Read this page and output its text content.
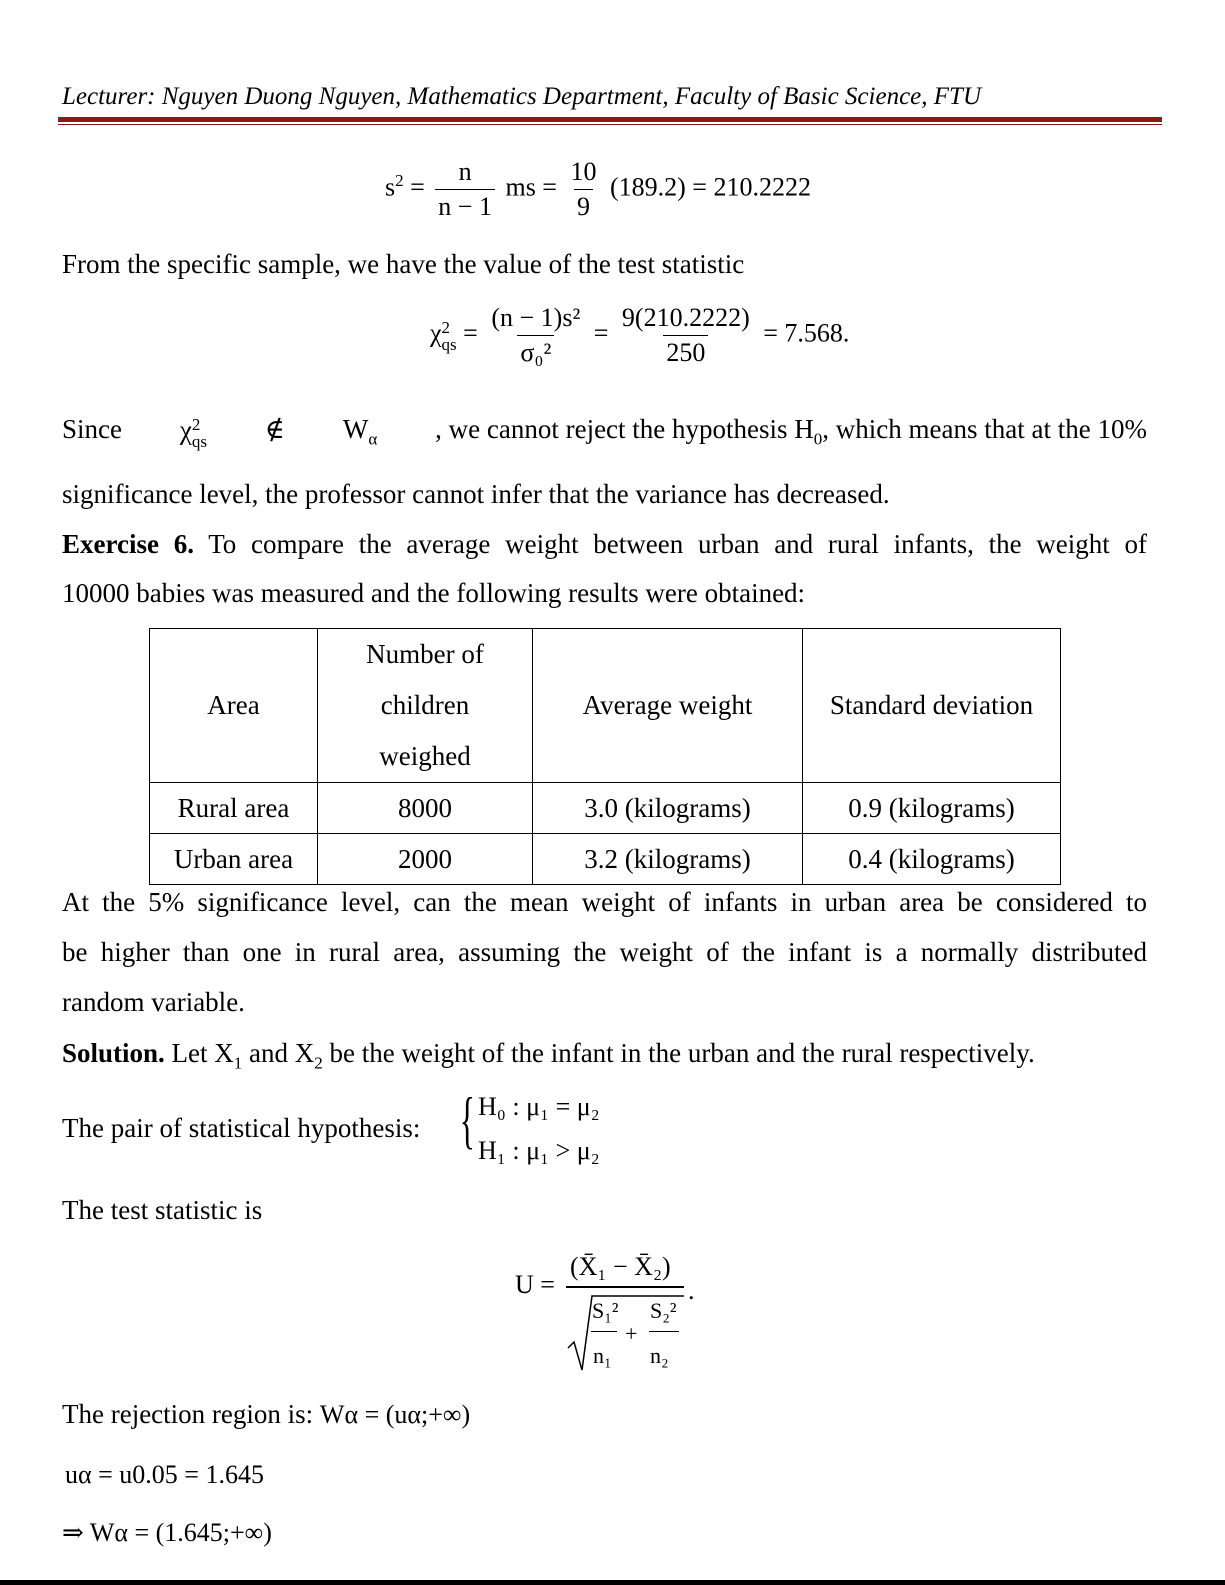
Lecturer: Nguyen Duong Nguyen, Mathematics Department, Faculty of Basic Science, FTU
$s^2 = \frac{n}{n - 1}$ ms = $\frac{10}{9} (189.2) = 210.2222$
From the specific sample, we have the value of the test statistic
χ 2
qs = $\frac{\text{(n − 1)s²}}{\text{σ₀²}} = \frac{9(210.2222)}{250} = 7.568$.
Since χ 2
qs ∉ $W_\alpha$ , we cannot reject the hypothesis $H_0$, which means that at the 10%
significance level, the professor cannot infer that the variance has decreased.
Exercise 6. To compare the average weight between urban and rural infants, the weight of
10000 babies was measured and the following results were obtained:
Area	Number of
children
weighed	Average weight	Standard deviation
Rural area	8000	3.0 (kilograms)	0.9 (kilograms)
Urban area	2000	3.2 (kilograms)	0.4 (kilograms)
At the 5% significance level, can the mean weight of infants in urban area be considered to
be higher than one in rural area, assuming the weight of the infant is a normally distributed
random variable.
Solution. Let $X_1$ and $X_2$ be the weight of the infant in the urban and the rural respectively.
The pair of statistical hypothesis: { H₀ : μ₁ = μ₂
H₁ : μ₁ > μ₂
The test statistic is
U =
(X̄₁ − X̄₂)
S₁²
n₁
+
S₂²
n₂
.
The rejection region is: Wα = (uα;+∞)
uα = u0.05 = 1.645
⇒ Wα = (1.645;+∞)
